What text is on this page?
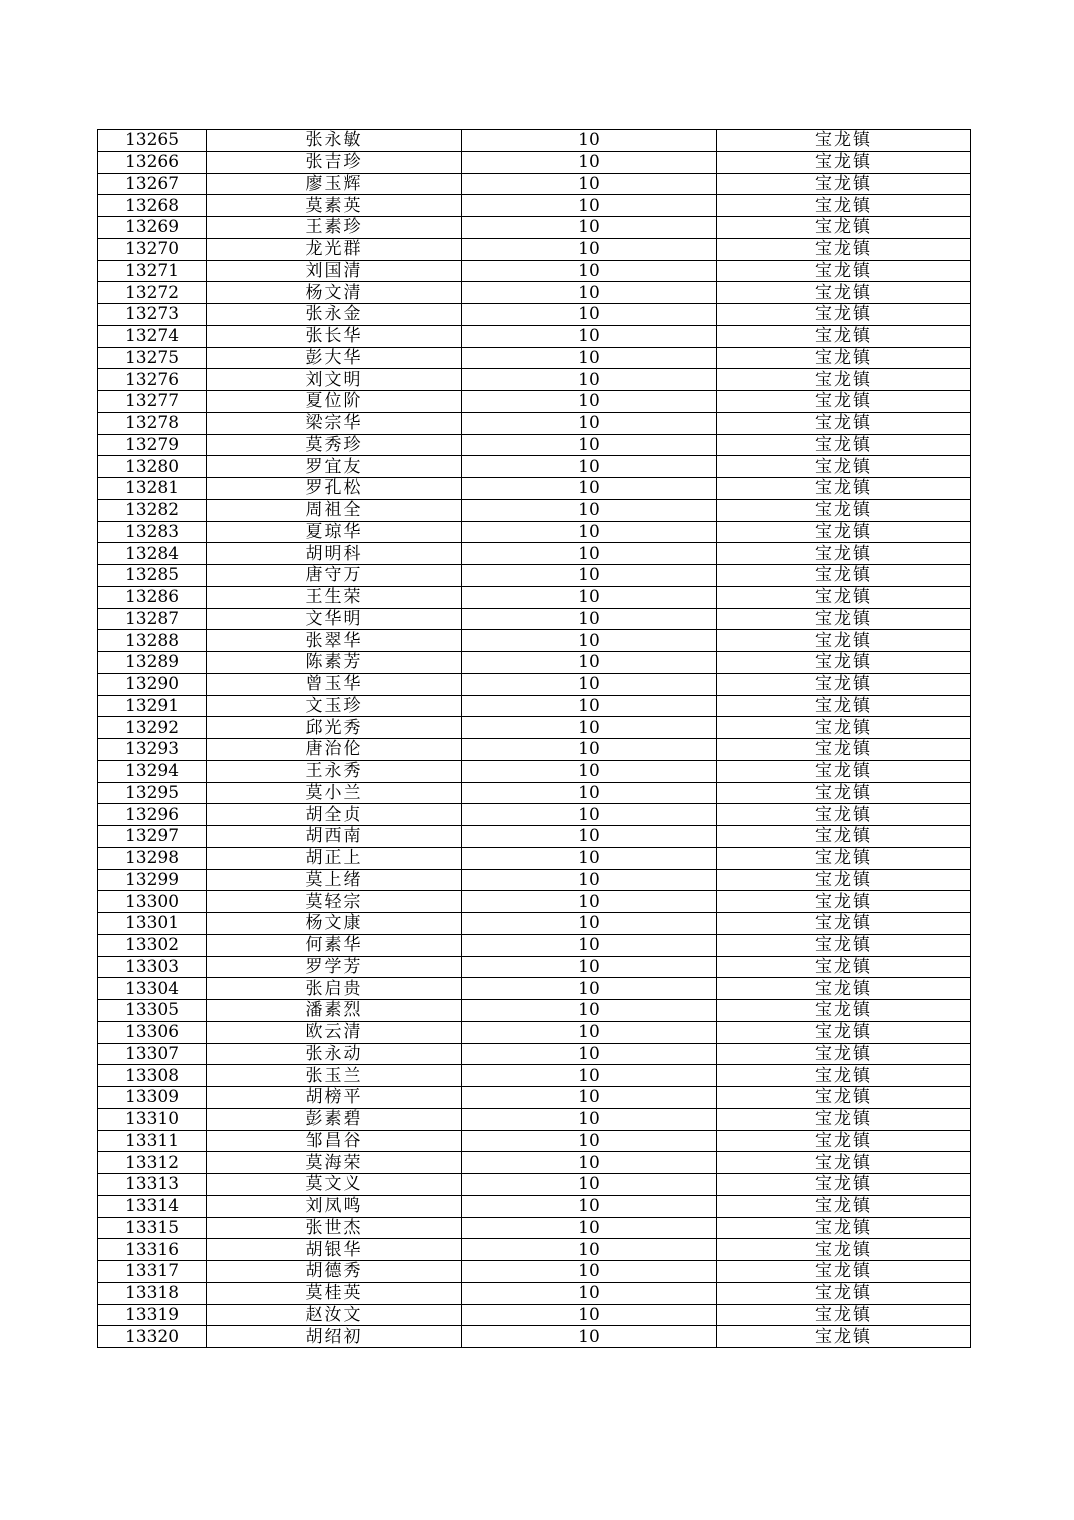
13265	张永敏	10	宝龙镇
13266	张吉珍	10	宝龙镇
13267	廖玉辉	10	宝龙镇
13268	莫素英	10	宝龙镇
13269	王素珍	10	宝龙镇
13270	龙光群	10	宝龙镇
13271	刘国清	10	宝龙镇
13272	杨文清	10	宝龙镇
13273	张永金	10	宝龙镇
13274	张长华	10	宝龙镇
13275	彭大华	10	宝龙镇
13276	刘文明	10	宝龙镇
13277	夏位阶	10	宝龙镇
13278	梁宗华	10	宝龙镇
13279	莫秀珍	10	宝龙镇
13280	罗宜友	10	宝龙镇
13281	罗孔松	10	宝龙镇
13282	周祖全	10	宝龙镇
13283	夏琼华	10	宝龙镇
13284	胡明科	10	宝龙镇
13285	唐守万	10	宝龙镇
13286	王生荣	10	宝龙镇
13287	文华明	10	宝龙镇
13288	张翠华	10	宝龙镇
13289	陈素芳	10	宝龙镇
13290	曾玉华	10	宝龙镇
13291	文玉珍	10	宝龙镇
13292	邱光秀	10	宝龙镇
13293	唐治伦	10	宝龙镇
13294	王永秀	10	宝龙镇
13295	莫小兰	10	宝龙镇
13296	胡全贞	10	宝龙镇
13297	胡西南	10	宝龙镇
13298	胡正上	10	宝龙镇
13299	莫上绪	10	宝龙镇
13300	莫轻宗	10	宝龙镇
13301	杨文康	10	宝龙镇
13302	何素华	10	宝龙镇
13303	罗学芳	10	宝龙镇
13304	张启贵	10	宝龙镇
13305	潘素烈	10	宝龙镇
13306	欧云清	10	宝龙镇
13307	张永动	10	宝龙镇
13308	张玉兰	10	宝龙镇
13309	胡榜平	10	宝龙镇
13310	彭素碧	10	宝龙镇
13311	邹昌谷	10	宝龙镇
13312	莫海荣	10	宝龙镇
13313	莫文义	10	宝龙镇
13314	刘凤鸣	10	宝龙镇
13315	张世杰	10	宝龙镇
13316	胡银华	10	宝龙镇
13317	胡德秀	10	宝龙镇
13318	莫桂英	10	宝龙镇
13319	赵汝文	10	宝龙镇
13320	胡绍初	10	宝龙镇
